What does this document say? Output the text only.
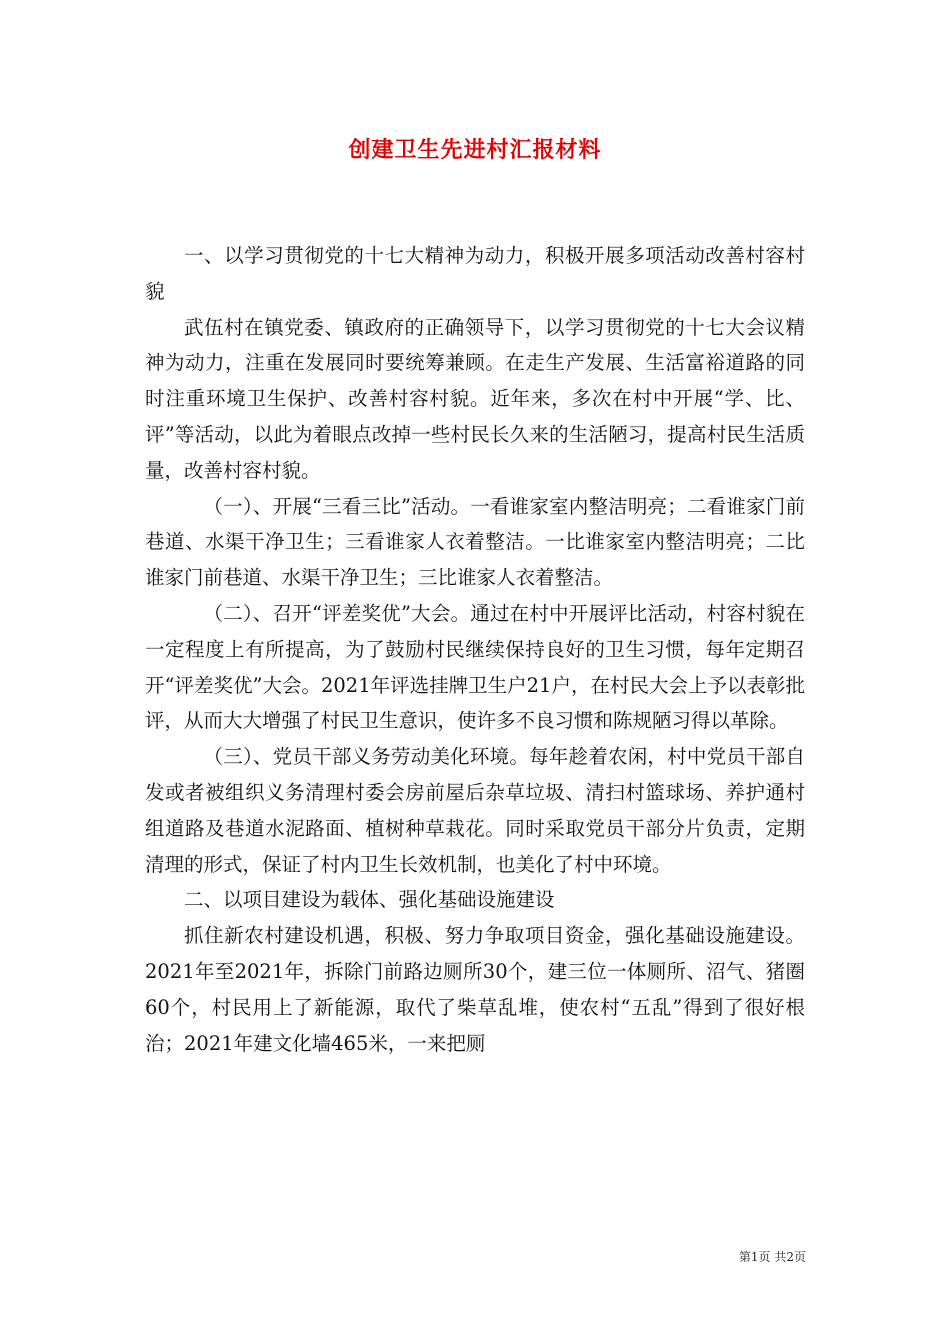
创建卫生先进村汇报材料

一、以学习贯彻党的十七大精神为动力，积极开展多项活动改善村容村貌

武伍村在镇党委、镇政府的正确领导下，以学习贯彻党的十七大会议精神为动力，注重在发展同时要统筹兼顾。在走生产发展、生活富裕道路的同时注重环境卫生保护、改善村容村貌。近年来，多次在村中开展“学、比、评”等活动，以此为着眼点改掉一些村民长久来的生活陋习，提高村民生活质量，改善村容村貌。

（一）、开展“三看三比”活动。一看谁家室内整洁明亮；二看谁家门前巷道、水渠干净卫生；三看谁家人衣着整洁。一比谁家室内整洁明亮；二比谁家门前巷道、水渠干净卫生；三比谁家人衣着整洁。

（二）、召开“评差奖优”大会。通过在村中开展评比活动，村容村貌在一定程度上有所提高，为了鼓励村民继续保持良好的卫生习惯，每年定期召开“评差奖优”大会。2021年评选挂牌卫生户21户，在村民大会上予以表彰批评，从而大大增强了村民卫生意识，使许多不良习惯和陈规陋习得以革除。

（三）、党员干部义务劳动美化环境。每年趁着农闲，村中党员干部自发或者被组织义务清理村委会房前屋后杂草垃圾、清扫村篮球场、养护通村组道路及巷道水泥路面、植树种草栽花。同时采取党员干部分片负责，定期清理的形式，保证了村内卫生长效机制，也美化了村中环境。

二、以项目建设为载体、强化基础设施建设

抓住新农村建设机遇，积极、努力争取项目资金，强化基础设施建设。2021年至2021年，拆除门前路边厕所30个，建三位一体厕所、沼气、猪圈60个，村民用上了新能源，取代了柴草乱堆，使农村“五乱”得到了很好根治；2021年建文化墙465米，一来把厕

第1页 共2页
